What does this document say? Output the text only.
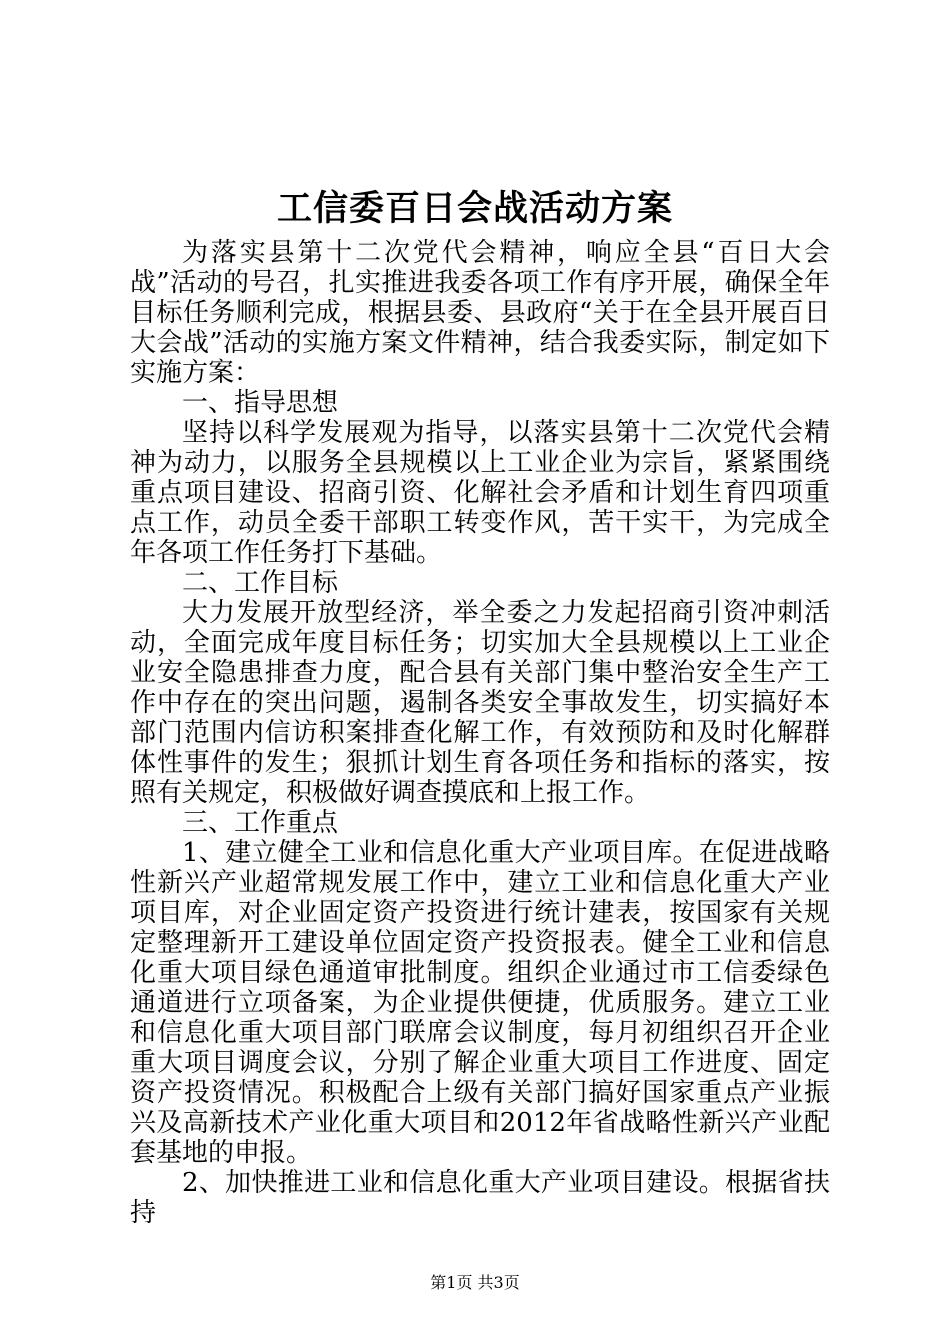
工信委百日会战活动方案

为落实县第十二次党代会精神，响应全县“百日大会战”活动的号召，扎实推进我委各项工作有序开展，确保全年目标任务顺利完成，根据县委、县政府“关于在全县开展百日大会战”活动的实施方案文件精神，结合我委实际，制定如下实施方案：

一、指导思想

坚持以科学发展观为指导，以落实县第十二次党代会精神为动力，以服务全县规模以上工业企业为宗旨，紧紧围绕重点项目建设、招商引资、化解社会矛盾和计划生育四项重点工作，动员全委干部职工转变作风，苦干实干，为完成全年各项工作任务打下基础。

二、工作目标

大力发展开放型经济，举全委之力发起招商引资冲刺活动，全面完成年度目标任务；切实加大全县规模以上工业企业安全隐患排查力度，配合县有关部门集中整治安全生产工作中存在的突出问题，遏制各类安全事故发生，切实搞好本部门范围内信访积案排查化解工作，有效预防和及时化解群体性事件的发生；狠抓计划生育各项任务和指标的落实，按照有关规定，积极做好调查摸底和上报工作。

三、工作重点

1、建立健全工业和信息化重大产业项目库。在促进战略性新兴产业超常规发展工作中，建立工业和信息化重大产业项目库，对企业固定资产投资进行统计建表，按国家有关规定整理新开工建设单位固定资产投资报表。健全工业和信息化重大项目绿色通道审批制度。组织企业通过市工信委绿色通道进行立项备案，为企业提供便捷，优质服务。建立工业和信息化重大项目部门联席会议制度，每月初组织召开企业重大项目调度会议，分别了解企业重大项目工作进度、固定资产投资情况。积极配合上级有关部门搞好国家重点产业振兴及高新技术产业化重大项目和2012年省战略性新兴产业配套基地的申报。

2、加快推进工业和信息化重大产业项目建设。根据省扶持

第1页 共3页
